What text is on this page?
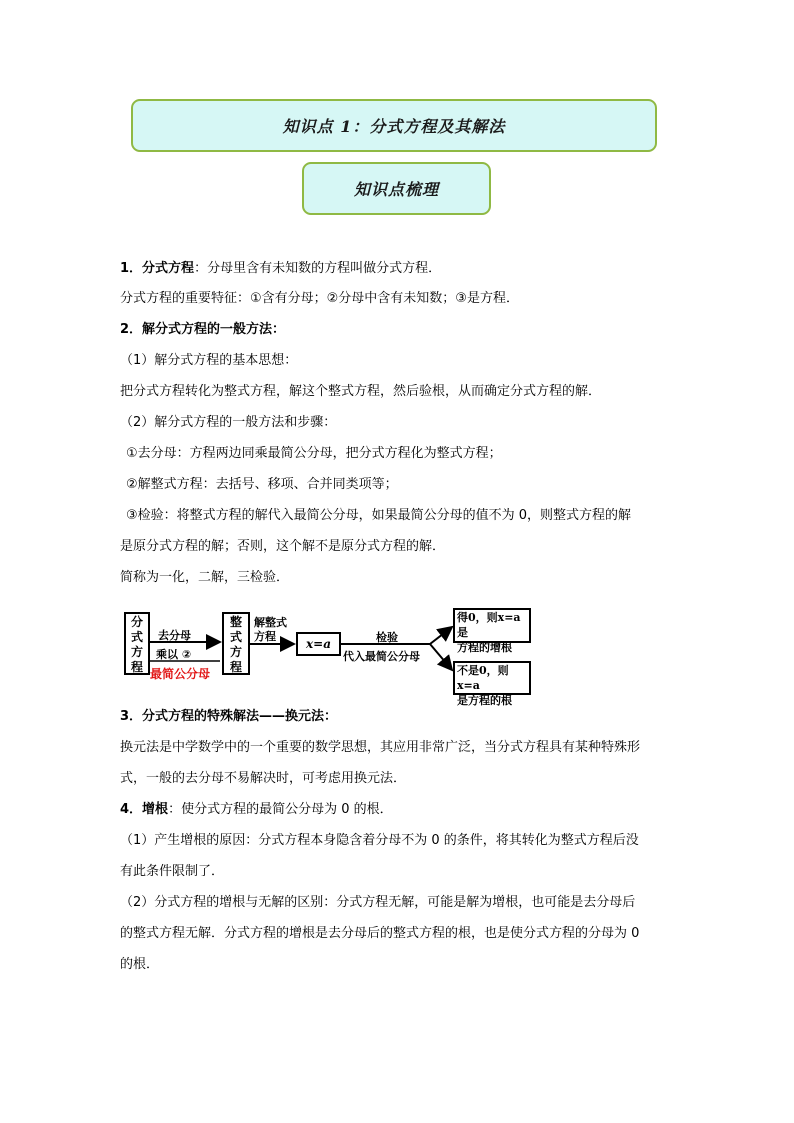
知识点 1：分式方程及其解法
知识点梳理
1．分式方程：分母里含有未知数的方程叫做分式方程．
分式方程的重要特征：①含有分母；②分母中含有未知数；③是方程．
2．解分式方程的一般方法：
（1）解分式方程的基本思想：
把分式方程转化为整式方程，解这个整式方程，然后验根，从而确定分式方程的解．
（2）解分式方程的一般方法和步骤：
①去分母：方程两边同乘最简公分母，把分式方程化为整式方程；
②解整式方程：去括号、移项、合并同类项等；
③检验：将整式方程的解代入最简公分母，如果最简公分母的值不为 0，则整式方程的解
是原分式方程的解；否则，这个解不是原分式方程的解．
简称为一化，二解，三检验．
分
式
方
程
去分母
乘以 ②
最简公分母
整
式
方
程
解整式
方程
x=a	检验
代入最简公分母
得0，则x=a是
方程的增根
不是0，则x=a
是方程的根
3．分式方程的特殊解法——换元法：
换元法是中学数学中的一个重要的数学思想，其应用非常广泛，当分式方程具有某种特殊形
式，一般的去分母不易解决时，可考虑用换元法．
4．增根：使分式方程的最简公分母为 0 的根．
（1）产生增根的原因：分式方程本身隐含着分母不为 0 的条件，将其转化为整式方程后没
有此条件限制了．
（2）分式方程的增根与无解的区别：分式方程无解，可能是解为增根，也可能是去分母后
的整式方程无解．分式方程的增根是去分母后的整式方程的根，也是使分式方程的分母为 0
的根．
